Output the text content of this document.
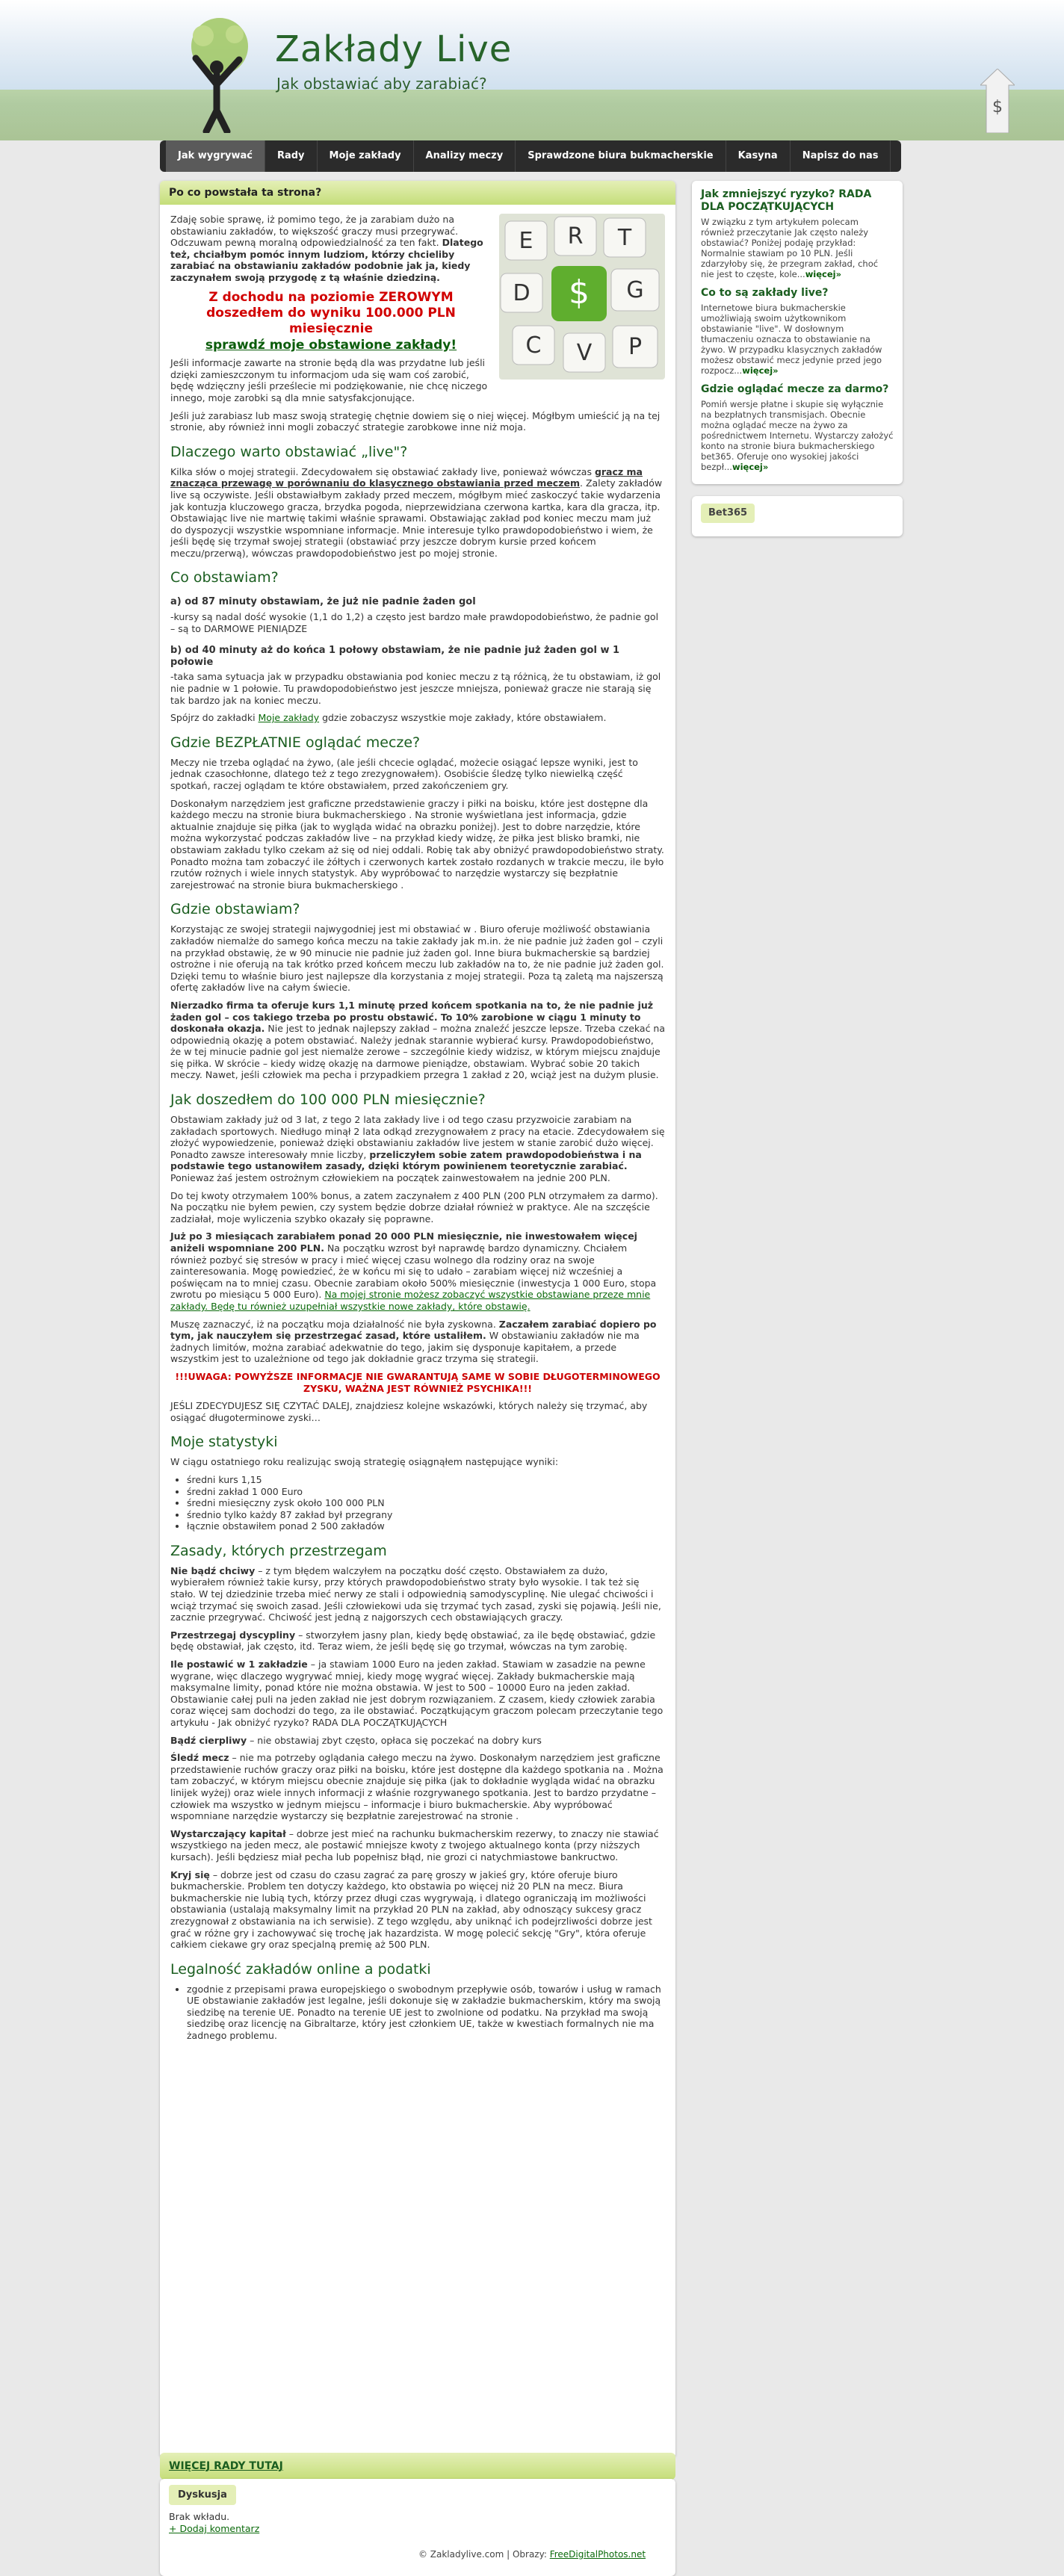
Zakłady Live
Jak obstawiać aby zarabiać?
$
Jak wygrywać	Rady	Moje zakłady	Analizy meczy	Sprawdzone biura bukmacherskie	Kasyna	Napisz do nas
Po co powstała ta strona?
E R T
D	G
C V P
$

Zdaję sobie sprawę, iż pomimo tego, że ja zarabiam dużo na obstawianiu zakładów, to większość graczy musi przegrywać. Odczuwam pewną moralną odpowiedzialność za ten fakt. Dlatego też, chciałbym pomóc innym ludziom, którzy chcieliby zarabiać na obstawianiu zakładów podobnie jak ja, kiedy zaczynałem swoją przygodę z tą właśnie dziedziną.

Z dochodu na poziomie ZEROWYM doszedłem do wyniku 100.000 PLN miesięcznie
sprawdź moje obstawione zakłady!

Jeśli informacje zawarte na stronie będą dla was przydatne lub jeśli dzięki zamieszczonym tu informacjom uda się wam coś zarobić, będę wdzięczny jeśli prześlecie mi podziękowanie, nie chcę niczego innego, moje zarobki są dla mnie satysfakcjonujące.

Jeśli już zarabiasz lub masz swoją strategię chętnie dowiem się o niej więcej. Mógłbym umieścić ją na tej stronie, aby również inni mogli zobaczyć strategie zarobkowe inne niż moja.

Dlaczego warto obstawiać „live"?

Kilka słów o mojej strategii. Zdecydowałem się obstawiać zakłady live, ponieważ wówczas gracz ma znacząca przewagę w porównaniu do klasycznego obstawiania przed meczem. Zalety zakładów live są oczywiste. Jeśli obstawiałbym zakłady przed meczem, mógłbym mieć zaskoczyć takie wydarzenia jak kontuzja kluczowego gracza, brzydka pogoda, nieprzewidziana czerwona kartka, kara dla gracza, itp. Obstawiając live nie martwię takimi właśnie sprawami. Obstawiając zakład pod koniec meczu mam już do dyspozycji wszystkie wspomniane informacje. Mnie interesuje tylko prawdopodobieństwo i wiem, że jeśli będę się trzymał swojej strategii (obstawiać przy jeszcze dobrym kursie przed końcem meczu/przerwą), wówczas prawdopodobieństwo jest po mojej stronie.

Co obstawiam?
a) od 87 minuty obstawiam, że już nie padnie żaden gol

-kursy są nadal dość wysokie (1,1 do 1,2) a często jest bardzo małe prawdopodobieństwo, że padnie gol – są to DARMOWE PIENIĄDZE

b) od 40 minuty aż do końca 1 połowy obstawiam, że nie padnie już żaden gol w 1 połowie

-taka sama sytuacja jak w przypadku obstawiania pod koniec meczu z tą różnicą, że tu obstawiam, iż gol nie padnie w 1 połowie. Tu prawdopodobieństwo jest jeszcze mniejsza, ponieważ gracze nie starają się tak bardzo jak na koniec meczu.

Spójrz do zakładki Moje zakłady gdzie zobaczysz wszystkie moje zakłady, które obstawiałem.

Gdzie BEZPŁATNIE oglądać mecze?

Meczy nie trzeba oglądać na żywo, (ale jeśli chcecie oglądać, możecie osiągać lepsze wyniki, jest to jednak czasochłonne, dlatego też z tego zrezygnowałem). Osobiście śledzę tylko niewielką część spotkań, raczej oglądam te które obstawiałem, przed zakończeniem gry.

Doskonałym narzędziem jest graficzne przedstawienie graczy i piłki na boisku, które jest dostępne dla każdego meczu na stronie biura bukmacherskiego . Na stronie wyświetlana jest informacja, gdzie aktualnie znajduje się piłka (jak to wygląda widać na obrazku poniżej). Jest to dobre narzędzie, które można wykorzystać podczas zakładów live – na przykład kiedy widzę, że piłka jest blisko bramki, nie obstawiam zakładu tylko czekam aż się od niej oddali. Robię tak aby obniżyć prawdopodobieństwo straty. Ponadto można tam zobaczyć ile żółtych i czerwonych kartek zostało rozdanych w trakcie meczu, ile było rzutów rożnych i wiele innych statystyk. Aby wypróbować to narzędzie wystarczy się bezpłatnie zarejestrować na stronie biura bukmacherskiego .

Gdzie obstawiam?

Korzystając ze swojej strategii najwygodniej jest mi obstawiać w . Biuro oferuje możliwość obstawiania zakładów niemalże do samego końca meczu na takie zakłady jak m.in. że nie padnie już żaden gol – czyli na przykład obstawię, że w 90 minucie nie padnie już żaden gol. Inne biura bukmacherskie są bardziej ostrożne i nie oferują na tak krótko przed końcem meczu lub zakładów na to, że nie padnie już żaden gol. Dzięki temu to właśnie biuro jest najlepsze dla korzystania z mojej strategii. Poza tą zaletą ma najszerszą ofertę zakładów live na całym świecie.

Nierzadko firma ta oferuje kurs 1,1 minutę przed końcem spotkania na to, że nie padnie już żaden gol – cos takiego trzeba po prostu obstawić. To 10% zarobione w ciągu 1 minuty to doskonała okazja. Nie jest to jednak najlepszy zakład – można znaleźć jeszcze lepsze. Trzeba czekać na odpowiednią okazję a potem obstawiać. Należy jednak starannie wybierać kursy. Prawdopodobieństwo, że w tej minucie padnie gol jest niemalże zerowe – szczególnie kiedy widzisz, w którym miejscu znajduje się piłka. W skrócie – kiedy widzę okazję na darmowe pieniądze, obstawiam. Wybrać sobie 20 takich meczy. Nawet, jeśli człowiek ma pecha i przypadkiem przegra 1 zakład z 20, wciąż jest na dużym plusie.

Jak doszedłem do 100 000 PLN miesięcznie?

Obstawiam zakłady już od 3 lat, z tego 2 lata zakłady live i od tego czasu przyzwoicie zarabiam na zakładach sportowych. Niedługo minął 2 lata odkąd zrezygnowałem z pracy na etacie. Zdecydowałem się złożyć wypowiedzenie, ponieważ dzięki obstawianiu zakładów live jestem w stanie zarobić dużo więcej. Ponadto zawsze interesowały mnie liczby, przeliczyłem sobie zatem prawdopodobieństwa i na podstawie tego ustanowiłem zasady, dzięki którym powinienem teoretycznie zarabiać. Poniewaz żaś jestem ostrożnym człowiekiem na początek zainwestowałem na jednie 200 PLN.

Do tej kwoty otrzymałem 100% bonus, a zatem zaczynałem z 400 PLN (200 PLN otrzymałem za darmo). Na początku nie byłem pewien, czy system będzie dobrze działał również w praktyce. Ale na szczęście zadziałał, moje wyliczenia szybko okazały się poprawne.

Już po 3 miesiącach zarabiałem ponad 20 000 PLN miesięcznie, nie inwestowałem więcej aniżeli wspomniane 200 PLN. Na początku wzrost był naprawdę bardzo dynamiczny. Chciałem również pozbyć się stresów w pracy i mieć więcej czasu wolnego dla rodziny oraz na swoje zainteresowania. Mogę powiedzieć, że w końcu mi się to udało – zarabiam więcej niż wcześniej a poświęcam na to mniej czasu. Obecnie zarabiam około 500% miesięcznie (inwestycja 1 000 Euro, stopa zwrotu po miesiącu 5 000 Euro). Na mojej stronie możesz zobaczyć wszystkie obstawiane przeze mnie zakłady. Będę tu również uzupełniał wszystkie nowe zakłady, które obstawię.

Muszę zaznaczyć, iż na początku moja działalność nie była zyskowna. Zaczałem zarabiać dopiero po tym, jak nauczyłem się przestrzegać zasad, które ustaliłem. W obstawianiu zakładów nie ma żadnych limitów, można zarabiać adekwatnie do tego, jakim się dysponuje kapitałem, a przede wszystkim jest to uzależnione od tego jak dokładnie gracz trzyma się strategii.

!!!UWAGA: POWYŻSZE INFORMACJE NIE GWARANTUJĄ SAME W SOBIE DŁUGOTERMINOWEGO ZYSKU, WAŻNA JEST RÓWNIEŻ PSYCHIKA!!!

JEŚLI ZDECYDUJESZ SIĘ CZYTAĆ DALEJ, znajdziesz kolejne wskazówki, których należy się trzymać, aby osiągać długoterminowe zyski…

Moje statystyki

W ciągu ostatniego roku realizując swoją strategię osiągnąłem następujące wyniki:

• średni kurs 1,15
• średni zakład 1 000 Euro
• średni miesięczny zysk około 100 000 PLN
• średnio tylko każdy 87 zakład był przegrany
• łącznie obstawiłem ponad 2 500 zakładów
Zasady, których przestrzegam

Nie bądź chciwy – z tym błędem walczyłem na początku dość często. Obstawiałem za dużo, wybierałem również takie kursy, przy których prawdopodobieństwo straty było wysokie. I tak też się stało. W tej dziedzinie trzeba mieć nerwy ze stali i odpowiednią samodyscyplinę. Nie ulegać chciwości i wciąż trzymać się swoich zasad. Jeśli człowiekowi uda się trzymać tych zasad, zyski się pojawią. Jeśli nie, zacznie przegrywać. Chciwość jest jedną z najgorszych cech obstawiających graczy.

Przestrzegaj dyscypliny – stworzyłem jasny plan, kiedy będę obstawiać, za ile będę obstawiać, gdzie będę obstawiał, jak często, itd. Teraz wiem, że jeśli będę się go trzymał, wówczas na tym zarobię.

Ile postawić w 1 zakładzie – ja stawiam 1000 Euro na jeden zakład. Stawiam w zasadzie na pewne wygrane, więc dlaczego wygrywać mniej, kiedy mogę wygrać więcej. Zakłady bukmacherskie mają maksymalne limity, ponad które nie można obstawia. W jest to 500 – 10000 Euro na jeden zakład. Obstawianie całej puli na jeden zakład nie jest dobrym rozwiązaniem. Z czasem, kiedy człowiek zarabia coraz więcej sam dochodzi do tego, za ile obstawiać. Początkującym graczom polecam przeczytanie tego artykułu - Jak obniżyć ryzyko? RADA DLA POCZĄTKUJĄCYCH

Bądź cierpliwy – nie obstawiaj zbyt często, opłaca się poczekać na dobry kurs

Śledź mecz – nie ma potrzeby oglądania całego meczu na żywo. Doskonałym narzędziem jest graficzne przedstawienie ruchów graczy oraz piłki na boisku, które jest dostępne dla każdego spotkania na . Można tam zobaczyć, w którym miejscu obecnie znajduje się piłka (jak to dokładnie wygląda widać na obrazku linijek wyżej) oraz wiele innych informacji z właśnie rozgrywanego spotkania. Jest to bardzo przydatne – człowiek ma wszystko w jednym miejscu – informacje i biuro bukmacherskie. Aby wypróbować wspomniane narzędzie wystarczy się bezpłatnie zarejestrować na stronie .

Wystarczający kapitał – dobrze jest mieć na rachunku bukmacherskim rezerwy, to znaczy nie stawiać wszystkiego na jeden mecz, ale postawić mniejsze kwoty z twojego aktualnego konta (przy niższych kursach). Jeśli będziesz miał pecha lub popełnisz błąd, nie grozi ci natychmiastowe bankructwo.

Kryj się – dobrze jest od czasu do czasu zagrać za parę groszy w jakieś gry, które oferuje biuro bukmacherskie. Problem ten dotyczy każdego, kto obstawia po więcej niż 20 PLN na mecz. Biura bukmacherskie nie lubią tych, którzy przez długi czas wygrywają, i dlatego ograniczają im możliwości obstawiania (ustalają maksymalny limit na przykład 20 PLN na zakład, aby odnoszący sukcesy gracz zrezygnował z obstawiania na ich serwisie). Z tego względu, aby uniknąć ich podejrzliwości dobrze jest grać w różne gry i zachowywać się trochę jak hazardzista. W mogę polecić sekcję "Gry", która oferuje całkiem ciekawe gry oraz specjalną premię aż 500 PLN.

Legalność zakładów online a podatki
• zgodnie z przepisami prawa europejskiego o swobodnym przepływie osób, towarów i usług w ramach UE obstawianie zakładów jest legalne, jeśli dokonuje się w zakładzie bukmacherskim, który ma swoją siedzibę na terenie UE. Ponadto na terenie UE jest to zwolnione od podatku. Na przykład ma swoją siedzibę oraz licencję na Gibraltarze, który jest członkiem UE, także w kwestiach formalnych nie ma żadnego problemu.
WIĘCEJ RADY TUTAJ
Dyskusja
Brak wkładu.
+ Dodaj komentarz
© Zakladylive.com | Obrazy: FreeDigitalPhotos.net
Jak zmniejszyć ryzyko? RADA DLA POCZĄTKUJĄCYCH

W związku z tym artykułem polecam również przeczytanie Jak często należy obstawiać? Poniżej podaję przykład: Normalnie stawiam po 10 PLN. Jeśli zdarzyłoby się, że przegram zakład, choć nie jest to częste, kole...więcej»

Co to są zakłady live?

Internetowe biura bukmacherskie umożliwiają swoim użytkownikom obstawianie "live". W dosłownym tłumaczeniu oznacza to obstawianie na żywo. W przypadku klasycznych zakładów możesz obstawić mecz jedynie przed jego rozpocz...więcej»

Gdzie oglądać mecze za darmo?

Pomiń wersje płatne i skupie się wyłącznie na bezpłatnych transmisjach. Obecnie można oglądać mecze na żywo za pośrednictwem Internetu. Wystarczy założyć konto na stronie biura bukmacherskiego bet365. Oferuje ono wysokiej jakości bezpł...więcej»

Bet365
